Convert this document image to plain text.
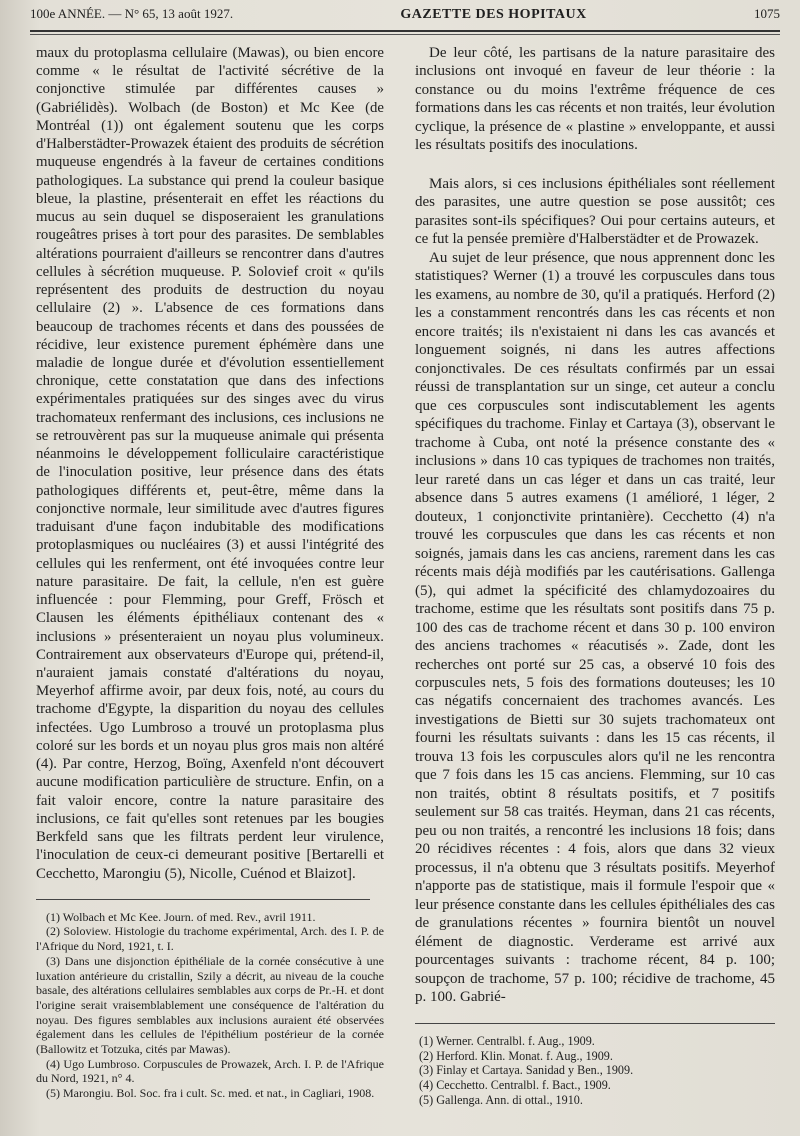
100e ANNÉE. — N° 65, 13 août 1927.	GAZETTE DES HOPITAUX	1075

maux du protoplasma cellulaire (Mawas), ou bien encore comme « le résultat de l'activité sécrétive de la conjonctive stimulée par différentes causes » (Gabriélidès). Wolbach (de Boston) et Mc Kee (de Montréal (1)) ont également soutenu que les corps d'Halberstädter-Prowazek étaient des produits de sécrétion muqueuse engendrés à la faveur de certaines conditions pathologiques. La substance qui prend la couleur basique bleue, la plastine, présenterait en effet les réactions du mucus au sein duquel se disposeraient les granulations rougeâtres prises à tort pour des parasites. De semblables altérations pourraient d'ailleurs se rencontrer dans d'autres cellules à sécrétion muqueuse. P. Solovief croit « qu'ils représentent des produits de destruction du noyau cellulaire (2) ». L'absence de ces formations dans beaucoup de trachomes récents et dans des poussées de récidive, leur existence purement éphémère dans une maladie de longue durée et d'évolution essentiellement chronique, cette constatation que dans des infections expérimentales pratiquées sur des singes avec du virus trachomateux renfermant des inclusions, ces inclusions ne se retrouvèrent pas sur la muqueuse animale qui présenta néanmoins le développement folliculaire caractéristique de l'inoculation positive, leur présence dans des états pathologiques différents et, peut-être, même dans la conjonctive normale, leur similitude avec d'autres figures traduisant d'une façon indubitable des modifications protoplasmiques ou nucléaires (3) et aussi l'intégrité des cellules qui les renferment, ont été invoquées contre leur nature parasitaire. De fait, la cellule, n'en est guère influencée : pour Flemming, pour Greff, Frösch et Clausen les éléments épithéliaux contenant des « inclusions » présenteraient un noyau plus volumineux. Contrairement aux observateurs d'Europe qui, prétend-il, n'auraient jamais constaté d'altérations du noyau, Meyerhof affirme avoir, par deux fois, noté, au cours du trachome d'Egypte, la disparition du noyau des cellules infectées. Ugo Lumbroso a trouvé un protoplasma plus coloré sur les bords et un noyau plus gros mais non altéré (4). Par contre, Herzog, Boïng, Axenfeld n'ont découvert aucune modification particulière de structure. Enfin, on a fait valoir encore, contre la nature parasitaire des inclusions, ce fait qu'elles sont retenues par les bougies Berkfeld sans que les filtrats perdent leur virulence, l'inoculation de ceux-ci demeurant positive [Bertarelli et Cecchetto, Marongiu (5), Nicolle, Cuénod et Blaizot].

(1) Wolbach et Mc Kee. Journ. of med. Rev., avril 1911.

(2) Soloview. Histologie du trachome expérimental, Arch. des I. P. de l'Afrique du Nord, 1921, t. I.

(3) Dans une disjonction épithéliale de la cornée consécutive à une luxation antérieure du cristallin, Szily a décrit, au niveau de la couche basale, des altérations cellulaires semblables aux corps de Pr.-H. et dont l'origine serait vraisemblablement une conséquence de l'altération du noyau. Des figures semblables aux inclusions auraient été observées également dans les cellules de l'épithélium postérieur de la cornée (Ballowitz et Totzuka, cités par Mawas).

(4) Ugo Lumbroso. Corpuscules de Prowazek, Arch. I. P. de l'Afrique du Nord, 1921, n° 4.

(5) Marongiu. Bol. Soc. fra i cult. Sc. med. et nat., in Cagliari, 1908.

De leur côté, les partisans de la nature parasitaire des inclusions ont invoqué en faveur de leur théorie : la constance ou du moins l'extrême fréquence de ces formations dans les cas récents et non traités, leur évolution cyclique, la présence de « plastine » enveloppante, et aussi les résultats positifs des inoculations.

Mais alors, si ces inclusions épithéliales sont réellement des parasites, une autre question se pose aussitôt; ces parasites sont-ils spécifiques? Oui pour certains auteurs, et ce fut la pensée première d'Halberstädter et de Prowazek.

Au sujet de leur présence, que nous apprennent donc les statistiques? Werner (1) a trouvé les corpuscules dans tous les examens, au nombre de 30, qu'il a pratiqués. Herford (2) les a constamment rencontrés dans les cas récents et non encore traités; ils n'existaient ni dans les cas avancés et longuement soignés, ni dans les autres affections conjonctivales. De ces résultats confirmés par un essai réussi de transplantation sur un singe, cet auteur a conclu que ces corpuscules sont indiscutablement les agents spécifiques du trachome. Finlay et Cartaya (3), observant le trachome à Cuba, ont noté la présence constante des « inclusions » dans 10 cas typiques de trachomes non traités, leur rareté dans un cas léger et dans un cas traité, leur absence dans 5 autres examens (1 amélioré, 1 léger, 2 douteux, 1 conjonctivite printanière). Cecchetto (4) n'a trouvé les corpuscules que dans les cas récents et non soignés, jamais dans les cas anciens, rarement dans les cas récents mais déjà modifiés par les cautérisations. Gallenga (5), qui admet la spécificité des chlamydozoaires du trachome, estime que les résultats sont positifs dans 75 p. 100 des cas de trachome récent et dans 30 p. 100 environ des anciens trachomes « réacutisés ». Zade, dont les recherches ont porté sur 25 cas, a observé 10 fois des corpuscules nets, 5 fois des formations douteuses; les 10 cas négatifs concernaient des trachomes avancés. Les investigations de Bietti sur 30 sujets trachomateux ont fourni les résultats suivants : dans les 15 cas récents, il trouva 13 fois les corpuscules alors qu'il ne les rencontra que 7 fois dans les 15 cas anciens. Flemming, sur 10 cas non traités, obtint 8 résultats positifs, et 7 positifs seulement sur 58 cas traités. Heyman, dans 21 cas récents, peu ou non traités, a rencontré les inclusions 18 fois; dans 20 récidives récentes : 4 fois, alors que dans 32 vieux processus, il n'a obtenu que 3 résultats positifs. Meyerhof n'apporte pas de statistique, mais il formule l'espoir que « leur présence constante dans les cellules épithéliales des cas de granulations récentes » fournira bientôt un nouvel élément de diagnostic. Verderame est arrivé aux pourcentages suivants : trachome récent, 84 p. 100; soupçon de trachome, 57 p. 100; récidive de trachome, 45 p. 100. Gabrié-

(1) Werner. Centralbl. f. Aug., 1909.

(2) Herford. Klin. Monat. f. Aug., 1909.

(3) Finlay et Cartaya. Sanidad y Ben., 1909.

(4) Cecchetto. Centralbl. f. Bact., 1909.

(5) Gallenga. Ann. di ottal., 1910.
